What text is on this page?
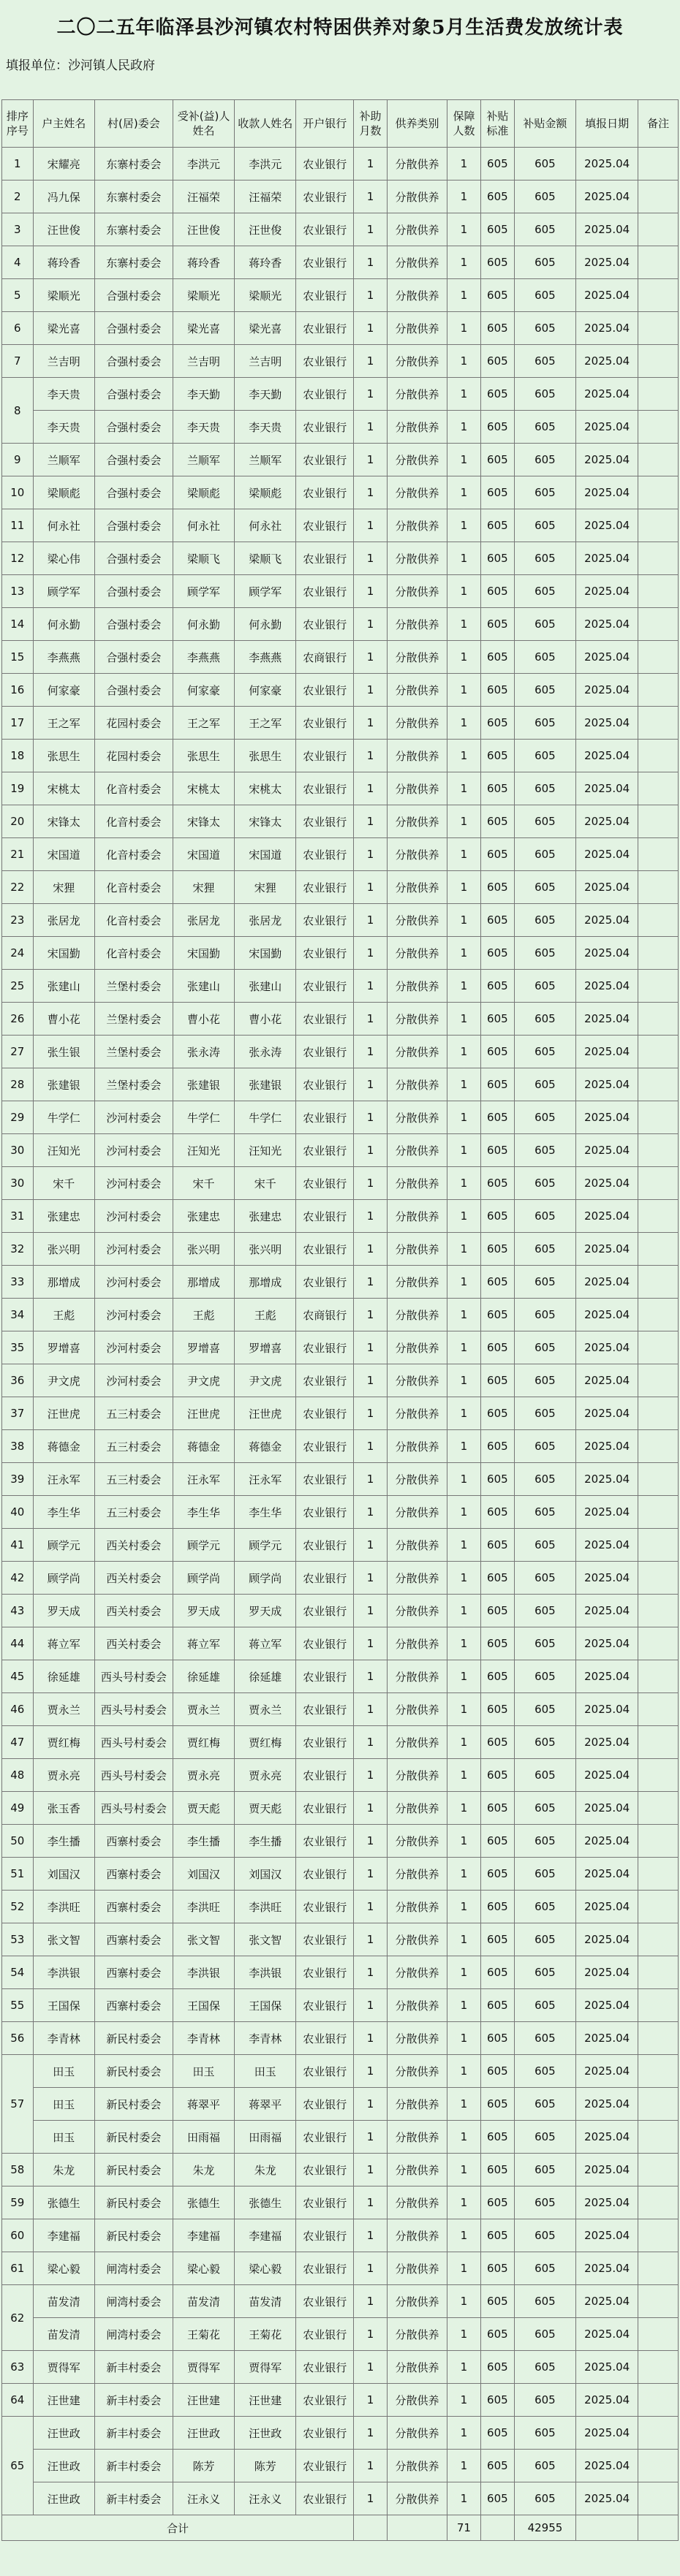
二〇二五年临泽县沙河镇农村特困供养对象5月生活费发放统计表
填报单位：沙河镇人民政府
排序序号	户主姓名	村(居)委会	受补(益)人姓名	收款人姓名	开户银行	补助月数	供养类别	保障人数	补贴标准	补贴金额	填报日期	备注
1	宋耀亮	东寨村委会	李洪元	李洪元	农业银行	1	分散供养	1	605	605	2025.04	
2	冯九保	东寨村委会	汪福荣	汪福荣	农业银行	1	分散供养	1	605	605	2025.04	
3	汪世俊	东寨村委会	汪世俊	汪世俊	农业银行	1	分散供养	1	605	605	2025.04	
4	蒋玲香	东寨村委会	蒋玲香	蒋玲香	农业银行	1	分散供养	1	605	605	2025.04	
5	梁顺光	合强村委会	梁顺光	梁顺光	农业银行	1	分散供养	1	605	605	2025.04	
6	梁光喜	合强村委会	梁光喜	梁光喜	农业银行	1	分散供养	1	605	605	2025.04	
7	兰吉明	合强村委会	兰吉明	兰吉明	农业银行	1	分散供养	1	605	605	2025.04	
8	李天贵	合强村委会	李天勤	李天勤	农业银行	1	分散供养	1	605	605	2025.04	
	李天贵	合强村委会	李天贵	李天贵	农业银行	1	分散供养	1	605	605	2025.04	
9	兰顺军	合强村委会	兰顺军	兰顺军	农业银行	1	分散供养	1	605	605	2025.04	
10	梁顺彪	合强村委会	梁顺彪	梁顺彪	农业银行	1	分散供养	1	605	605	2025.04	
11	何永社	合强村委会	何永社	何永社	农业银行	1	分散供养	1	605	605	2025.04	
12	梁心伟	合强村委会	梁顺飞	梁顺飞	农业银行	1	分散供养	1	605	605	2025.04	
13	顾学军	合强村委会	顾学军	顾学军	农业银行	1	分散供养	1	605	605	2025.04	
14	何永勤	合强村委会	何永勤	何永勤	农业银行	1	分散供养	1	605	605	2025.04	
15	李燕燕	合强村委会	李燕燕	李燕燕	农商银行	1	分散供养	1	605	605	2025.04	
16	何家豪	合强村委会	何家豪	何家豪	农业银行	1	分散供养	1	605	605	2025.04	
17	王之军	花园村委会	王之军	王之军	农业银行	1	分散供养	1	605	605	2025.04	
18	张思生	花园村委会	张思生	张思生	农业银行	1	分散供养	1	605	605	2025.04	
19	宋桃太	化音村委会	宋桃太	宋桃太	农业银行	1	分散供养	1	605	605	2025.04	
20	宋锋太	化音村委会	宋锋太	宋锋太	农业银行	1	分散供养	1	605	605	2025.04	
21	宋国道	化音村委会	宋国道	宋国道	农业银行	1	分散供养	1	605	605	2025.04	
22	宋狸	化音村委会	宋狸	宋狸	农业银行	1	分散供养	1	605	605	2025.04	
23	张居龙	化音村委会	张居龙	张居龙	农业银行	1	分散供养	1	605	605	2025.04	
24	宋国勤	化音村委会	宋国勤	宋国勤	农业银行	1	分散供养	1	605	605	2025.04	
25	张建山	兰堡村委会	张建山	张建山	农业银行	1	分散供养	1	605	605	2025.04	
26	曹小花	兰堡村委会	曹小花	曹小花	农业银行	1	分散供养	1	605	605	2025.04	
27	张生银	兰堡村委会	张永涛	张永涛	农业银行	1	分散供养	1	605	605	2025.04	
28	张建银	兰堡村委会	张建银	张建银	农业银行	1	分散供养	1	605	605	2025.04	
29	牛学仁	沙河村委会	牛学仁	牛学仁	农业银行	1	分散供养	1	605	605	2025.04	
30	汪知光	沙河村委会	汪知光	汪知光	农业银行	1	分散供养	1	605	605	2025.04	
30	宋千	沙河村委会	宋千	宋千	农业银行	1	分散供养	1	605	605	2025.04	
31	张建忠	沙河村委会	张建忠	张建忠	农业银行	1	分散供养	1	605	605	2025.04	
32	张兴明	沙河村委会	张兴明	张兴明	农业银行	1	分散供养	1	605	605	2025.04	
33	那增成	沙河村委会	那增成	那增成	农业银行	1	分散供养	1	605	605	2025.04	
34	王彪	沙河村委会	王彪	王彪	农商银行	1	分散供养	1	605	605	2025.04	
35	罗增喜	沙河村委会	罗增喜	罗增喜	农业银行	1	分散供养	1	605	605	2025.04	
36	尹文虎	沙河村委会	尹文虎	尹文虎	农业银行	1	分散供养	1	605	605	2025.04	
37	汪世虎	五三村委会	汪世虎	汪世虎	农业银行	1	分散供养	1	605	605	2025.04	
38	蒋德金	五三村委会	蒋德金	蒋德金	农业银行	1	分散供养	1	605	605	2025.04	
39	汪永军	五三村委会	汪永军	汪永军	农业银行	1	分散供养	1	605	605	2025.04	
40	李生华	五三村委会	李生华	李生华	农业银行	1	分散供养	1	605	605	2025.04	
41	顾学元	西关村委会	顾学元	顾学元	农业银行	1	分散供养	1	605	605	2025.04	
42	顾学尚	西关村委会	顾学尚	顾学尚	农业银行	1	分散供养	1	605	605	2025.04	
43	罗天成	西关村委会	罗天成	罗天成	农业银行	1	分散供养	1	605	605	2025.04	
44	蒋立军	西关村委会	蒋立军	蒋立军	农业银行	1	分散供养	1	605	605	2025.04	
45	徐延雄	西头号村委会	徐延雄	徐延雄	农业银行	1	分散供养	1	605	605	2025.04	
46	贾永兰	西头号村委会	贾永兰	贾永兰	农业银行	1	分散供养	1	605	605	2025.04	
47	贾红梅	西头号村委会	贾红梅	贾红梅	农业银行	1	分散供养	1	605	605	2025.04	
48	贾永亮	西头号村委会	贾永亮	贾永亮	农业银行	1	分散供养	1	605	605	2025.04	
49	张玉香	西头号村委会	贾天彪	贾天彪	农业银行	1	分散供养	1	605	605	2025.04	
50	李生播	西寨村委会	李生播	李生播	农业银行	1	分散供养	1	605	605	2025.04	
51	刘国汉	西寨村委会	刘国汉	刘国汉	农业银行	1	分散供养	1	605	605	2025.04	
52	李洪旺	西寨村委会	李洪旺	李洪旺	农业银行	1	分散供养	1	605	605	2025.04	
53	张文智	西寨村委会	张文智	张文智	农业银行	1	分散供养	1	605	605	2025.04	
54	李洪银	西寨村委会	李洪银	李洪银	农业银行	1	分散供养	1	605	605	2025.04	
55	王国保	西寨村委会	王国保	王国保	农业银行	1	分散供养	1	605	605	2025.04	
56	李青林	新民村委会	李青林	李青林	农业银行	1	分散供养	1	605	605	2025.04	
57	田玉	新民村委会	田玉	田玉	农业银行	1	分散供养	1	605	605	2025.04	
	田玉	新民村委会	蒋翠平	蒋翠平	农业银行	1	分散供养	1	605	605	2025.04	
	田玉	新民村委会	田雨福	田雨福	农业银行	1	分散供养	1	605	605	2025.04	
58	朱龙	新民村委会	朱龙	朱龙	农业银行	1	分散供养	1	605	605	2025.04	
59	张德生	新民村委会	张德生	张德生	农业银行	1	分散供养	1	605	605	2025.04	
60	李建福	新民村委会	李建福	李建福	农业银行	1	分散供养	1	605	605	2025.04	
61	梁心毅	闸湾村委会	梁心毅	梁心毅	农业银行	1	分散供养	1	605	605	2025.04	
62	苗发清	闸湾村委会	苗发清	苗发清	农业银行	1	分散供养	1	605	605	2025.04	
	苗发清	闸湾村委会	王菊花	王菊花	农业银行	1	分散供养	1	605	605	2025.04	
63	贾得军	新丰村委会	贾得军	贾得军	农业银行	1	分散供养	1	605	605	2025.04	
64	汪世建	新丰村委会	汪世建	汪世建	农业银行	1	分散供养	1	605	605	2025.04	
65	汪世政	新丰村委会	汪世政	汪世政	农业银行	1	分散供养	1	605	605	2025.04	
	汪世政	新丰村委会	陈芳	陈芳	农业银行	1	分散供养	1	605	605	2025.04	
	汪世政	新丰村委会	汪永义	汪永义	农业银行	1	分散供养	1	605	605	2025.04	
合计								71		42955		
